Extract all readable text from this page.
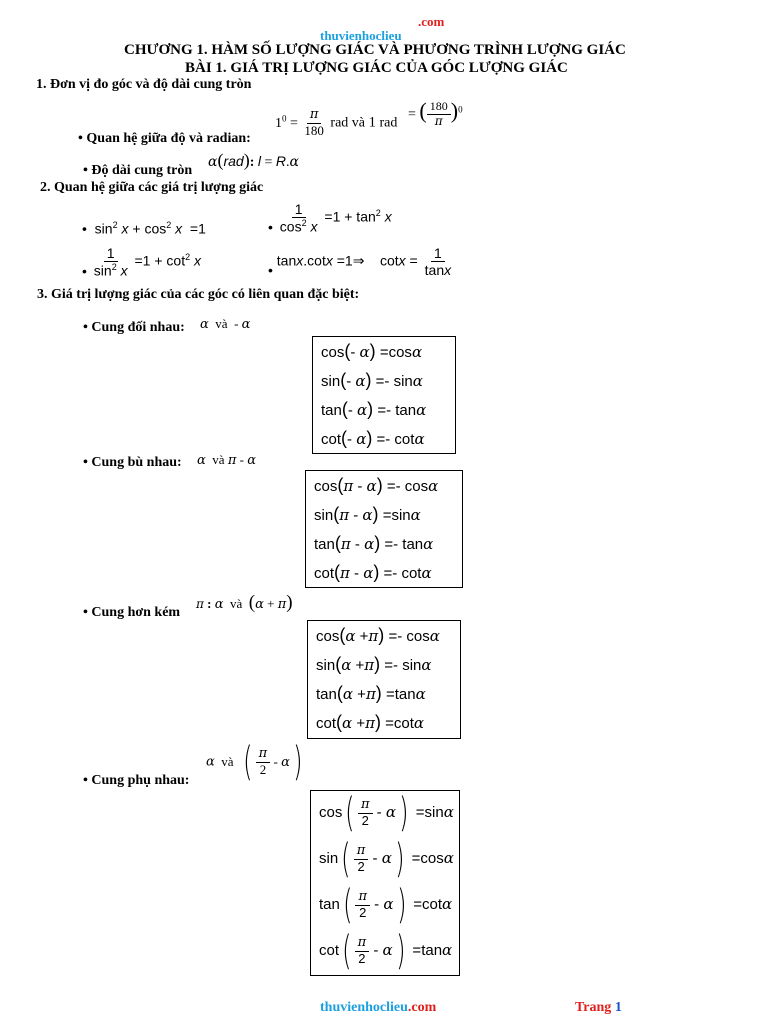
.com
thuvienhoclieu
CHƯƠNG 1. HÀM SỐ LƯỢNG GIÁC VÀ PHƯƠNG TRÌNH LƯỢNG GIÁC
BÀI 1. GIÁ TRỊ LƯỢNG GIÁC CỦA GÓC LƯỢNG GIÁC
1. Đơn vị đo góc và độ dài cung tròn
• Quan hệ giữa độ và radian:
$1^0 = \frac{\pi}{180}$ rad và 1 rad
= ( $\frac{180}{\pi} )^0$
• Độ dài cung tròn
α(rad): l = R.α
2. Quan hệ giữa các giá trị lượng giác
•  $\sin^2 x + \cos^2 x =1$	• $\frac{1}{\cos^2 x} =1 + \tan^2 x$
• $\frac{1}{\sin^2 x} =1 + \cot^2 x$
• tanx.cotx =1⇒    $\cot x = \frac{1}{\tan x}$
3. Giá trị lượng giác của các góc có liên quan đặc biệt:
• Cung đối nhau: α và  - α
cos(- α) =cosα
sin(- α) =- sinα
tan(- α) =- tanα
cot(- α) =- cotα
• Cung bù nhau: α và π - α
cos(π - α) =- cosα
sin(π - α) =sinα
tan(π - α) =- tanα
cot(π - α) =- cotα
• Cung hơn kém
π : α và (α + π)
cos(α +π) =- cosα
sin(α +π) =- sinα
tan(α +π) =tanα
cot(α +π) =cotα
• Cung phụ nhau:
α và ( $\frac{\pi}{2} - \alpha$)
$\cos( \frac{\pi}{2} - \alpha) =\sin\alpha$
$\sin( \frac{\pi}{2} - \alpha) =\cos\alpha$
$\tan( \frac{\pi}{2} - \alpha) =\cot\alpha$
$\cot( \frac{\pi}{2} - \alpha) =\tan\alpha$
thuvienhoclieu.com	Trang 1
